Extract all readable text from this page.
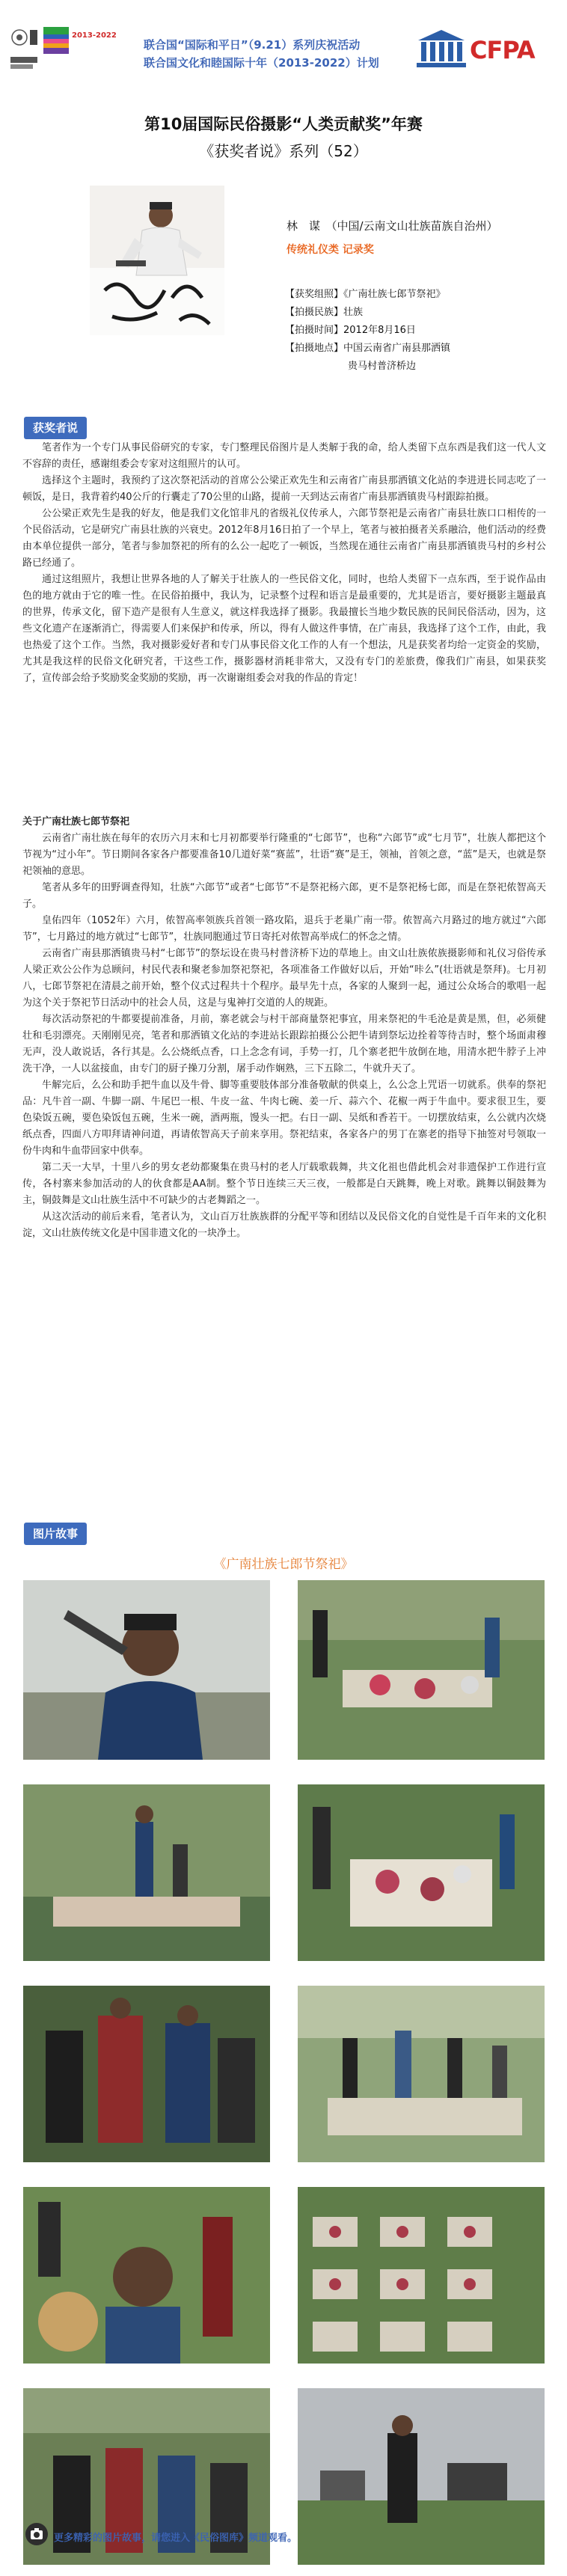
2013-2022
联合国“国际和平日”（9.21）系列庆祝活动
联合国文化和睦国际十年（2013-2022）计划	CFPA
第10届国际民俗摄影“人类贡献奖”年赛
《获奖者说》系列（52）
林　谋　（中国/云南文山壮族苗族自治州）
传统礼仪类 记录奖
【获奖组照】《广南壮族七郎节祭祀》
【拍摄民族】壮族
【拍摄时间】2012年8月16日
【拍摄地点】中国云南省广南县那洒镇
贵马村普济桥边
获奖者说

笔者作为一个专门从事民俗研究的专家，专门整理民俗图片是人类解于我的命，给人类留下点东西是我们这一代人文不容辞的责任，感谢组委会专家对这组照片的认可。

选择这个主题时，我预约了这次祭祀活动的首席公公梁正欢先生和云南省广南县那洒镇文化站的李进进长同志吃了一顿饭，是日，我背着约40公斤的行囊走了70公里的山路，提前一天到达云南省广南县那洒镇贵马村跟踪拍摄。

公公梁正欢先生是我的好友，他是我们文化馆非凡的省级礼仪传承人，六郎节祭祀是云南省广南县壮族口口相传的一个民俗活动，它是研究广南县壮族的兴衰史。2012年8月16日拍了一个早上，笔者与被拍摄者关系融洽，他们活动的经费由本单位提供一部分，笔者与参加祭祀的所有的么公一起吃了一顿饭，当然现在通往云南省广南县那洒镇贵马村的乡村公路已经通了。

通过这组照片，我想让世界各地的人了解关于壮族人的一些民俗文化，同时，也给人类留下一点东西，至于说作品由色的地方就由于它的唯一性。在民俗拍摄中，我认为，记录整个过程和语言是最重要的，尤其是语言，要好摄影主题最真的世界，传承文化，留下造产是很有人生意义，就这样我选择了摄影。我最擅长当地少数民族的民间民俗活动，因为，这些文化遗产在逐渐消亡，得需要人们来保护和传承，所以，得有人做这件事情，在广南县，我选择了这个工作，由此，我也热爱了这个工作。当然，我对摄影爱好者和专门从事民俗文化工作的人有一个想法，凡是获奖者均给一定资金的奖励，尤其是我这样的民俗文化研究者，干这些工作，摄影器材消耗非常大，又没有专门的差旅费，像我们广南县，如果获奖了，宣传部会给予奖励奖金奖励的奖励，再一次谢谢组委会对我的作品的肯定！

关于广南壮族七郎节祭祀

云南省广南壮族在每年的农历六月末和七月初都要举行隆重的“七郎节”，也称“六郎节”或“七月节”，壮族人都把这个节视为“过小年”。节日期间各家各户都要准备10几道好菜“赛蓝”，壮语“赛”是王，领袖，首领之意，“蓝”是天，也就是祭祀领袖的意思。

笔者从多年的田野调查得知，壮族“六郎节”或者“七郎节”不是祭祀杨六郎，更不是祭祀杨七郎，而是在祭祀侬智高天子。

皇佑四年（1052年）六月，侬智高率领族兵首领一路攻陷，退兵于老巢广南一带。侬智高六月路过的地方就过“六郎节”，七月路过的地方就过“七郎节”，壮族同胞通过节日寄托对侬智高举成仁的怀念之情。

云南省广南县那洒镇贵马村“七郎节”的祭坛设在贵马村普济桥下边的草地上。由文山壮族侬族摄影师和礼仪习俗传承人梁正欢公公作为总顾问，村民代表和聚老参加祭祀祭祀，各项准备工作做好以后，开始“咔么”(壮语就是祭拜)。七月初八，七郎节祭祀在清晨之前开始，整个仪式过程共十个程序。最早先十点，各家的人聚到一起，通过公众场合的歌唱一起为这个关于祭祀节日活动中的社会人员，这是与鬼神打交道的人的规距。

每次活动祭祀的牛都要提前准备，月前，寨老就会与村干部商量祭祀事宜，用来祭祀的牛毛沧是黄是黑，但，必须健壮和毛羽漂亮。天刚刚见亮，笔者和那洒镇文化站的李进站长跟踪拍摄公公把牛请到祭坛边拴着等待吉时，整个场面肃穆无声，没人敢说话，各行其是。么公烧纸点香，口上念念有词，手势一打，几个寨老把牛放倒在地，用清水把牛脖子上冲洗干净，一人以盆接血，由专门的厨子操刀分割，屠手动作娴熟，三下五除二，牛就升天了。

牛解完后，么公和助手把牛血以及牛骨、脚等重要肢体部分准备敬献的供桌上，么公念上咒语一切就系。供奉的祭祀品：凡牛首一副、牛脚一副、牛尾巴一根、牛皮一盆、牛肉七碗、姜一斤、蒜六个、花椒一两于牛血中。要求很卫生，要色染饭五碗，要色染饭包五碗，生米一碗，酒两瓶，馒头一把。右日一副、吴纸和香若干。一切摆放结束，么公就内次烧纸点香，四面八方叩拜请神问道，再请侬智高天子前来享用。祭祀结束，各家各户的男丁在寨老的指导下抽签对号领取一份牛肉和牛血带回家中供奉。

第二天一大早，十里八乡的男女老幼都聚集在贵马村的老人厅载歌载舞，共文化祖也借此机会对非遗保护工作进行宣传，各村寨来参加活动的人的伙食都是AA制。整个节日连续三天三夜，一般都是白天跳舞，晚上对歌。跳舞以铜鼓舞为主，铜鼓舞是文山壮族生活中不可缺少的古老舞蹈之一。

从这次活动的前后来看，笔者认为，文山百万壮族族群的分配平等和团结以及民俗文化的自觉性是千百年来的文化积淀，文山壮族传统文化是中国非遗文化的一块净土。

图片故事
《广南壮族七郎节祭祀》
更多精彩的图片故事，请您进入《民俗图库》频道观看。
